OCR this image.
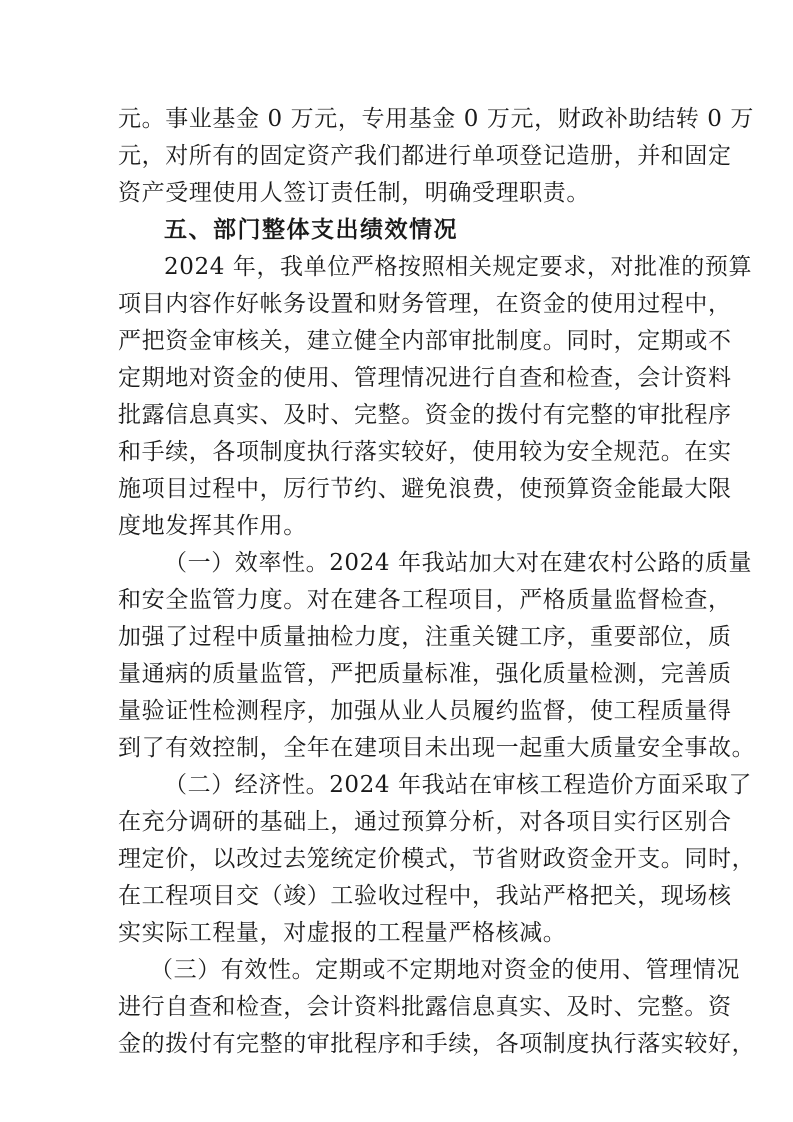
元。事业基金 0 万元，专用基金 0 万元，财政补助结转 0 万
元，对所有的固定资产我们都进行单项登记造册，并和固定
资产受理使用人签订责任制，明确受理职责。
五、部门整体支出绩效情况
2024 年，我单位严格按照相关规定要求，对批准的预算
项目内容作好帐务设置和财务管理，在资金的使用过程中，
严把资金审核关，建立健全内部审批制度。同时，定期或不
定期地对资金的使用、管理情况进行自查和检查，会计资料
批露信息真实、及时、完整。资金的拨付有完整的审批程序
和手续，各项制度执行落实较好，使用较为安全规范。在实
施项目过程中，厉行节约、避免浪费，使预算资金能最大限
度地发挥其作用。
（一）效率性。2024 年我站加大对在建农村公路的质量
和安全监管力度。对在建各工程项目，严格质量监督检查，
加强了过程中质量抽检力度，注重关键工序，重要部位，质
量通病的质量监管，严把质量标准，强化质量检测，完善质
量验证性检测程序，加强从业人员履约监督，使工程质量得
到了有效控制，全年在建项目未出现一起重大质量安全事故。
（二）经济性。2024 年我站在审核工程造价方面采取了
在充分调研的基础上，通过预算分析，对各项目实行区别合
理定价，以改过去笼统定价模式，节省财政资金开支。同时，
在工程项目交（竣）工验收过程中，我站严格把关，现场核
实实际工程量，对虚报的工程量严格核减。
（三）有效性。定期或不定期地对资金的使用、管理情况
进行自查和检查，会计资料批露信息真实、及时、完整。资
金的拨付有完整的审批程序和手续，各项制度执行落实较好，
